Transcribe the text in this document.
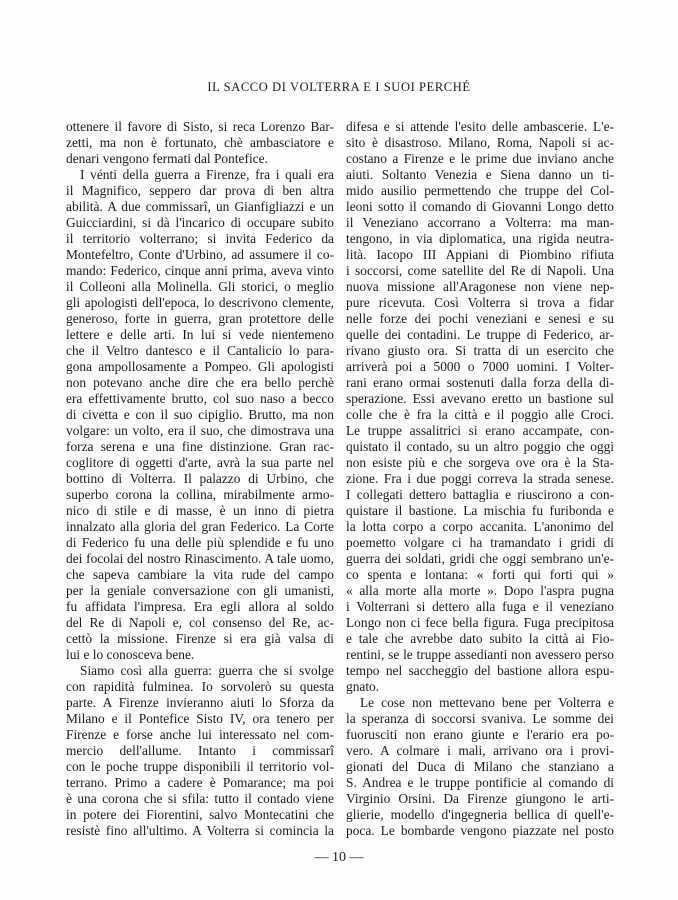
IL SACCO DI VOLTERRA E I SUOI PERCHÉ
ottenere il favore di Sisto, si reca Lorenzo Bar-
zetti, ma non è fortunato, chè ambasciatore e
denari vengono fermati dal Pontefice.
I vénti della guerra a Firenze, fra i quali era
il Magnifico, seppero dar prova di ben altra
abilità. A due commissarî, un Gianfigliazzi e un
Guicciardini, si dà l'incarico di occupare subito
il territorio volterrano; si invita Federico da
Montefeltro, Conte d'Urbino, ad assumere il co-
mando: Federico, cinque anni prima, aveva vinto
il Colleoni alla Molinella. Gli storici, o meglio
gli apologisti dell'epoca, lo descrivono clemente,
generoso, forte in guerra, gran protettore delle
lettere e delle arti. In lui si vede nientemeno
che il Veltro dantesco e il Cantalicio lo para-
gona ampollosamente a Pompeo. Gli apologisti
non potevano anche dire che era bello perchè
era effettivamente brutto, col suo naso a becco
di civetta e con il suo cipiglio. Brutto, ma non
volgare: un volto, era il suo, che dimostrava una
forza serena e una fine distinzione. Gran rac-
coglitore di oggetti d'arte, avrà la sua parte nel
bottino di Volterra. Il palazzo di Urbino, che
superbo corona la collina, mirabilmente armo-
nico di stile e di masse, è un inno di pietra
innalzato alla gloria del gran Federico. La Corte
di Federico fu una delle più splendide e fu uno
dei focolai del nostro Rinascimento. A tale uomo,
che sapeva cambiare la vita rude del campo
per la geniale conversazione con gli umanisti,
fu affidata l'impresa. Era egli allora al soldo
del Re di Napoli e, col consenso del Re, ac-
cettò la missione. Firenze si era già valsa di
lui e lo conosceva bene.
Siamo così alla guerra: guerra che si svolge
con rapidità fulminea. Io sorvolerò su questa
parte. A Firenze invieranno aiuti lo Sforza da
Milano e il Pontefice Sisto IV, ora tenero per
Firenze e forse anche lui interessato nel com-
mercio dell'allume. Intanto i commissarî
con le poche truppe disponibili il territorio vol-
terrano. Primo a cadere è Pomarance; ma poi
è una corona che si sfila: tutto il contado viene
in potere dei Fiorentini, salvo Montecatini che
resistè fino all'ultimo. A Volterra si comincia la
difesa e si attende l'esito delle ambascerie. L'e-
sito è disastroso. Milano, Roma, Napoli si ac-
costano a Firenze e le prime due inviano anche
aiuti. Soltanto Venezia e Siena danno un ti-
mido ausilio permettendo che truppe del Col-
leoni sotto il comando di Giovanni Longo detto
il Veneziano accorrano a Volterra: ma man-
tengono, in via diplomatica, una rigida neutra-
lità. Iacopo III Appiani di Piombino rifiuta
i soccorsi, come satellite del Re di Napoli. Una
nuova missione all'Aragonese non viene nep-
pure ricevuta. Così Volterra si trova a fidar
nelle forze dei pochi veneziani e senesi e su
quelle dei contadini. Le truppe di Federico, ar-
rivano giusto ora. Si tratta di un esercito che
arriverà poi a 5000 o 7000 uomini. I Volter-
rani erano ormai sostenuti dalla forza della di-
sperazione. Essi avevano eretto un bastione sul
colle che è fra la città e il poggio alle Croci.
Le truppe assalitrici si erano accampate, con-
quistato il contado, su un altro poggio che oggi
non esiste più e che sorgeva ove ora è la Sta-
zione. Fra i due poggi correva la strada senese.
I collegati dettero battaglia e riuscirono a con-
quistare il bastione. La mischia fu furibonda e
la lotta corpo a corpo accanita. L'anonimo del
poemetto volgare ci ha tramandato i gridi di
guerra dei soldati, gridi che oggi sembrano un'e-
co spenta e lontana: « forti qui forti qui »
« alla morte alla morte ». Dopo l'aspra pugna
i Volterrani si dettero alla fuga e il veneziano
Longo non ci fece bella figura. Fuga precipitosa
e tale che avrebbe dato subito la città ai Fio-
rentini, se le truppe assedianti non avessero perso
tempo nel saccheggio del bastione allora espu-
gnato.
Le cose non mettevano bene per Volterra e
la speranza di soccorsi svaniva. Le somme dei
fuorusciti non erano giunte e l'erario era po-
vero. A colmare i mali, arrivano ora i provi-
gionati del Duca di Milano che stanziano a
S. Andrea e le truppe pontificie al comando di
Virginio Orsini. Da Firenze giungono le arti-
glierie, modello d'ingegneria bellica di quell'e-
poca. Le bombarde vengono piazzate nel posto
— 10 —
